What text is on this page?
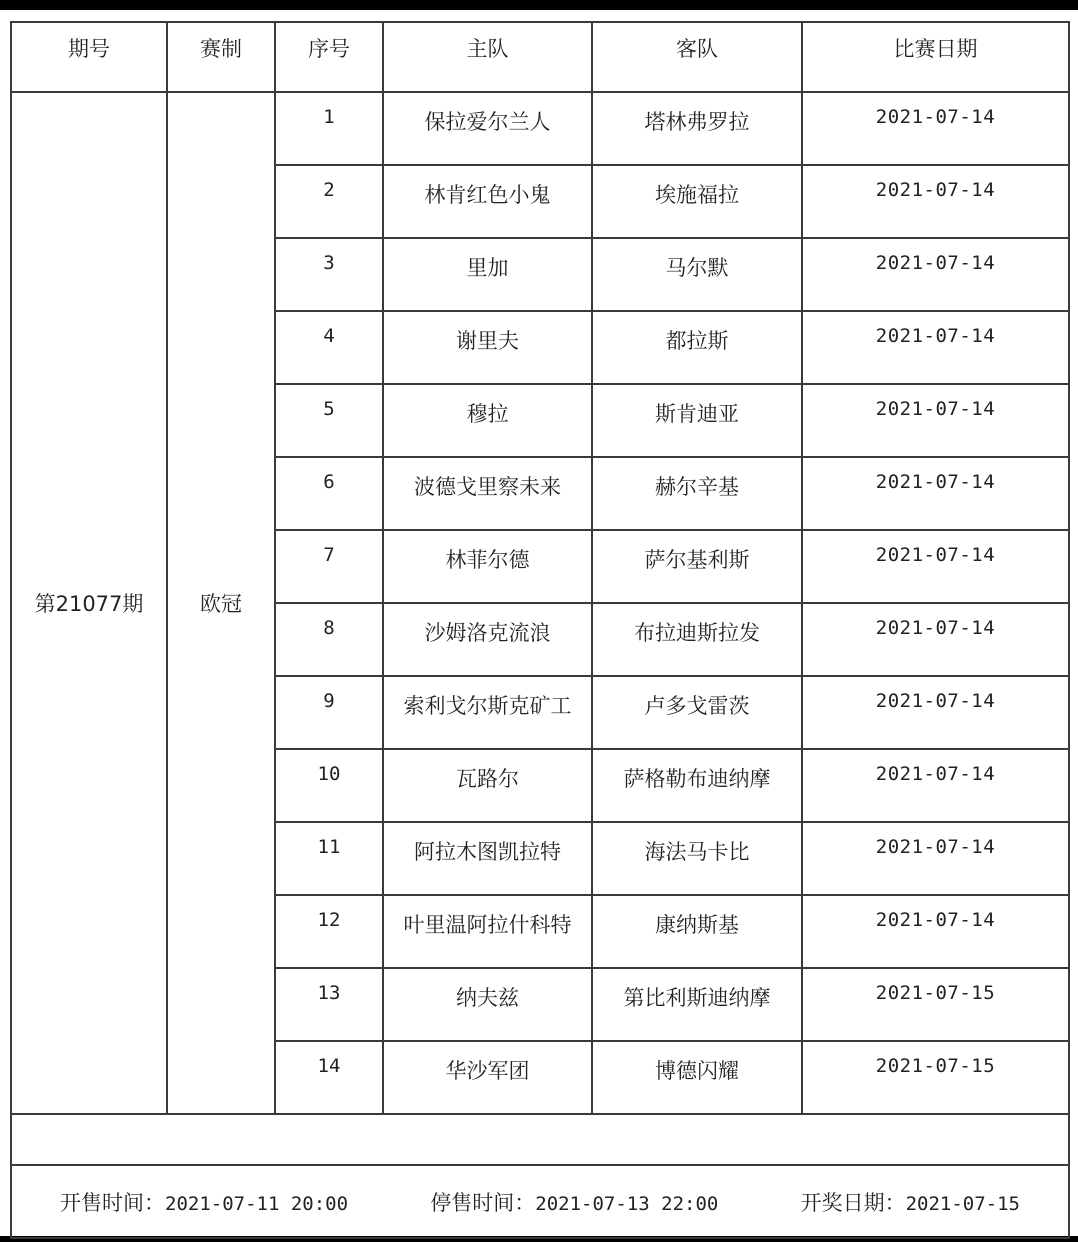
期号	赛制	序号	主队	客队	比赛日期
第21077期	欧冠	1	保拉爱尔兰人	塔林弗罗拉	2021-07-14
		2	林肯红色小鬼	埃施福拉	2021-07-14
		3	里加	马尔默	2021-07-14
		4	谢里夫	都拉斯	2021-07-14
		5	穆拉	斯肯迪亚	2021-07-14
		6	波德戈里察未来	赫尔辛基	2021-07-14
		7	林菲尔德	萨尔基利斯	2021-07-14
		8	沙姆洛克流浪	布拉迪斯拉发	2021-07-14
		9	索利戈尔斯克矿工	卢多戈雷茨	2021-07-14
		10	瓦路尔	萨格勒布迪纳摩	2021-07-14
		11	阿拉木图凯拉特	海法马卡比	2021-07-14
		12	叶里温阿拉什科特	康纳斯基	2021-07-14
		13	纳夫兹	第比利斯迪纳摩	2021-07-15
		14	华沙军团	博德闪耀	2021-07-15

开售时间：2021-07-11 20:00 停售时间：2021-07-13 22:00 开奖日期：2021-07-15					
